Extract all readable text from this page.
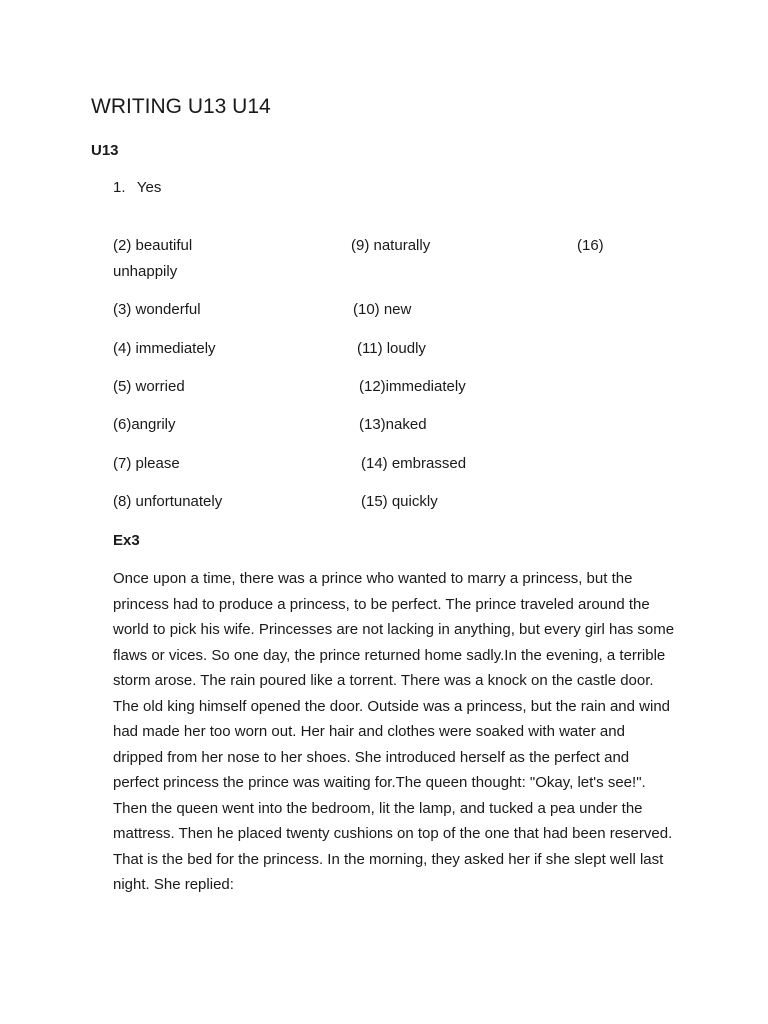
WRITING U13 U14
U13
1. Yes
(2) beautiful
unhappily
(3) wonderful
(4) immediately
(5) worried
(6)angrily
(7) please
(8) unfortunately
(9) naturally
(10) new
(11) loudly
(12)immediately
(13)naked
(14) embrassed
(15) quickly
(16)
Ex3

Once upon a time, there was a prince who wanted to marry a princess, but the princess had to produce a princess, to be perfect. The prince traveled around the world to pick his wife. Princesses are not lacking in anything, but every girl has some flaws or vices. So one day, the prince returned home sadly.In the evening, a terrible storm arose. The rain poured like a torrent. There was a knock on the castle door. The old king himself opened the door. Outside was a princess, but the rain and wind had made her too worn out. Her hair and clothes were soaked with water and dripped from her nose to her shoes. She introduced herself as the perfect and perfect princess the prince was waiting for.The queen thought: "Okay, let's see!". Then the queen went into the bedroom, lit the lamp, and tucked a pea under the mattress. Then he placed twenty cushions on top of the one that had been reserved. That is the bed for the princess. In the morning, they asked her if she slept well last night. She replied:
